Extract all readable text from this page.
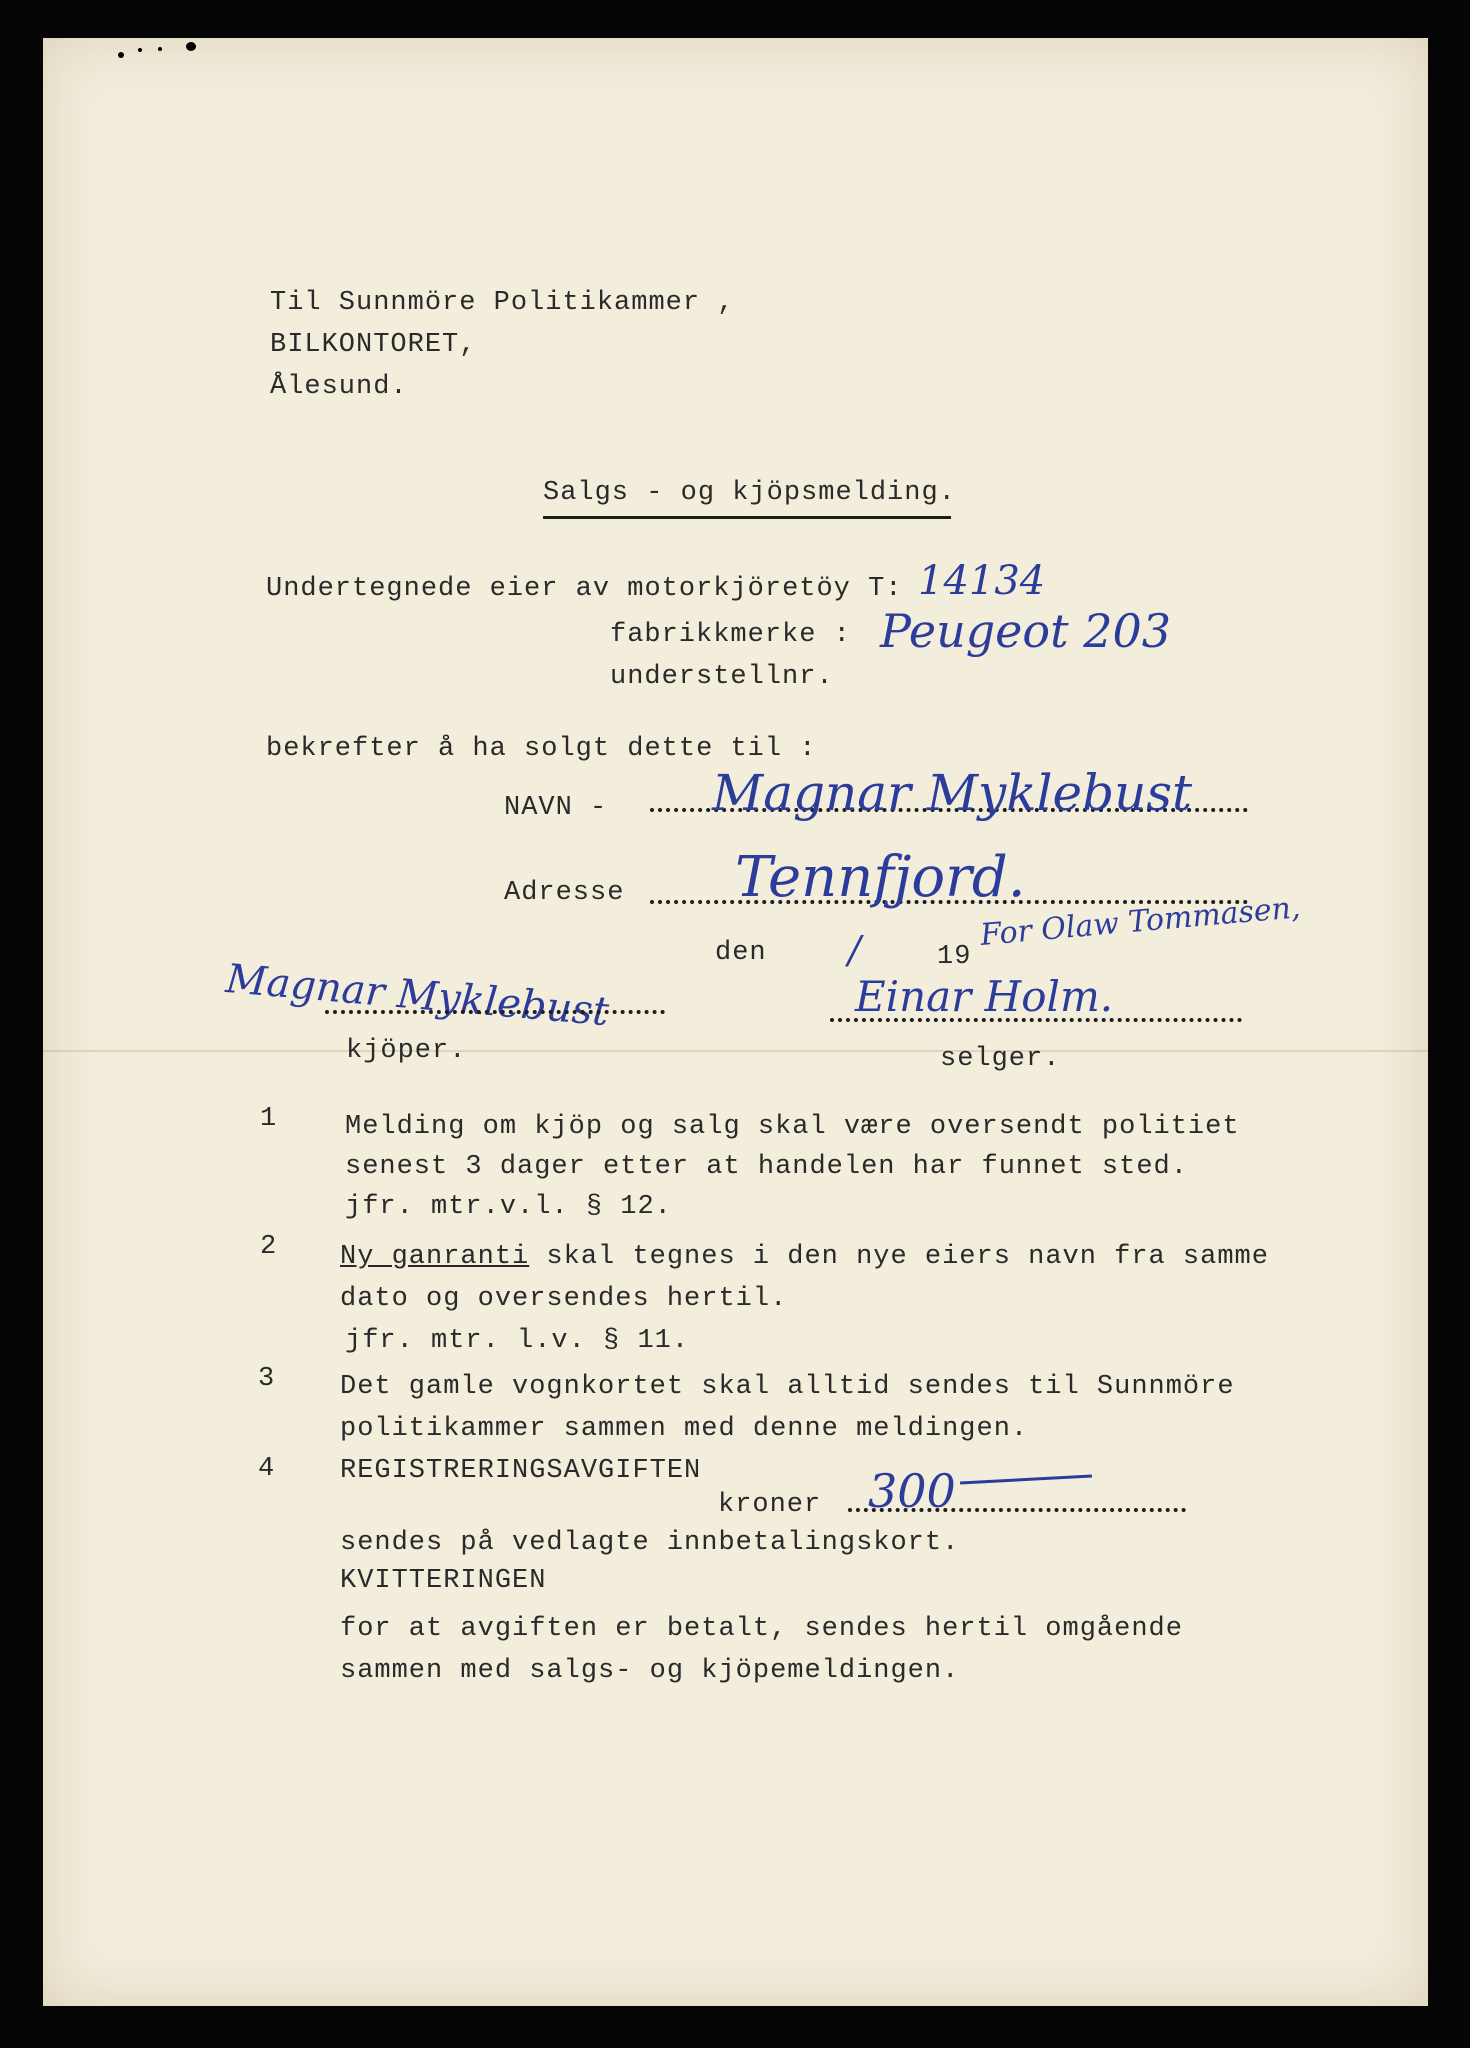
Til Sunnmöre Politikammer ,
BILKONTORET,
Ålesund.
Salgs - og kjöpsmelding.
Undertegnede eier av motorkjöretöy T: 14134
fabrikkmerke : Peugeot 203
understellnr.
bekrefter å ha solgt dette til :
NAVN - Magnar Myklebust
Adresse Tennfjord.
den /	19
For Olaw Tommasen,
Magnar Myklebust
kjöper.
Einar Holm.
selger.
1	Melding om kjöp og salg skal være oversendt politiet
senest 3 dager etter at handelen har funnet sted.
jfr. mtr.v.l. § 12.
2 Ny ganranti skal tegnes i den nye eiers navn fra samme
dato og oversendes hertil.
jfr. mtr. l.v. § 11.
3 Det gamle vognkortet skal alltid sendes til Sunnmöre
politikammer sammen med denne meldingen.
4 REGISTRERINGSAVGIFTEN
kroner 300
sendes på vedlagte innbetalingskort.
KVITTERINGEN
for at avgiften er betalt, sendes hertil omgående
sammen med salgs- og kjöpemeldingen.
